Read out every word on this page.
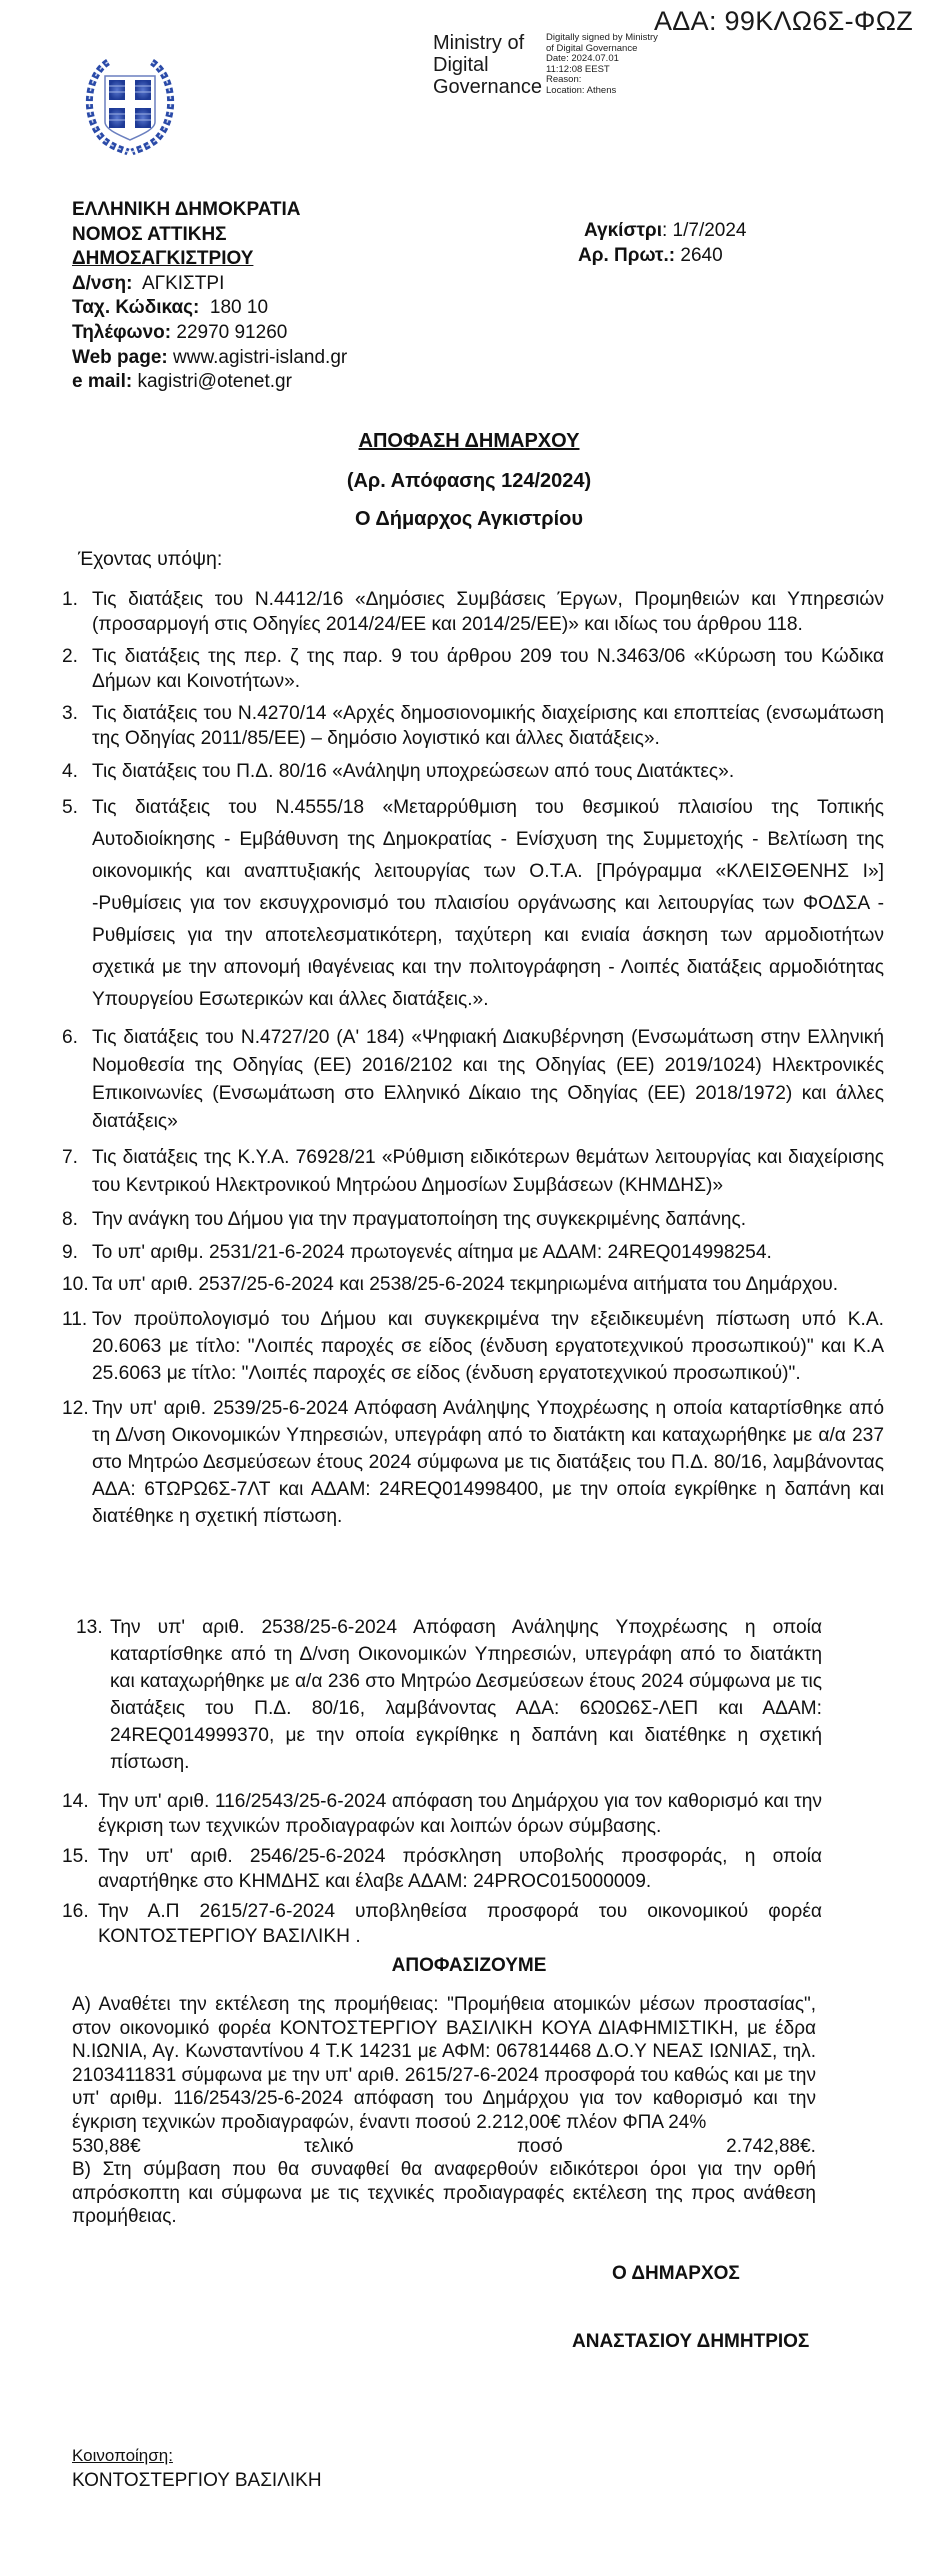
ΑΔΑ: 99ΚΛΩ6Σ-ΦΩΖ
Ministry of
Digital
Governance
Digitally signed by Ministry
of Digital Governance
Date: 2024.07.01
11:12:08 EEST
Reason:
Location: Athens
ΕΛΛΗΝΙΚΗ ΔΗΜΟΚΡΑΤΙΑ
ΝΟΜΟΣ ΑΤΤΙΚΗΣ
ΔΗΜΟΣΑΓΚΙΣΤΡΙΟΥ
Δ/νση: ΑΓΚΙΣΤΡΙ
Ταχ. Κώδικας: 180 10
Τηλέφωνο: 22970 91260
Web page: www.agistri-island.gr
e mail: kagistri@otenet.gr
Αγκίστρι: 1/7/2024
Αρ. Πρωτ.: 2640
ΑΠΟΦΑΣΗ ΔΗΜΑΡΧΟΥ
(Αρ. Απόφασης 124/2024)
Ο Δήμαρχος Αγκιστρίου
Έχοντας υπόψη:
1. Τις διατάξεις του Ν.4412/16 «Δημόσιες Συμβάσεις Έργων, Προμηθειών και Υπηρεσιών (προσαρμογή στις Οδηγίες 2014/24/ΕΕ και 2014/25/ΕΕ)» και ιδίως του άρθρου 118.
2. Τις διατάξεις της περ. ζ της παρ. 9 του άρθρου 209 του Ν.3463/06 «Κύρωση του Κώδικα Δήμων και Κοινοτήτων».
3. Τις διατάξεις του Ν.4270/14 «Αρχές δημοσιονομικής διαχείρισης και εποπτείας (ενσωμάτωση της Οδηγίας 2011/85/ΕΕ) – δημόσιο λογιστικό και άλλες διατάξεις».
4. Τις διατάξεις του Π.Δ. 80/16 «Ανάληψη υποχρεώσεων από τους Διατάκτες».
5. Τις διατάξεις του Ν.4555/18 «Μεταρρύθμιση του θεσμικού πλαισίου της Τοπικής Αυτοδιοίκησης - Εμβάθυνση της Δημοκρατίας - Ενίσχυση της Συμμετοχής - Βελτίωση της οικονομικής και αναπτυξιακής λειτουργίας των Ο.Τ.Α. [Πρόγραμμα «ΚΛΕΙΣΘΕΝΗΣ Ι»] -Ρυθμίσεις για τον εκσυγχρονισμό του πλαισίου οργάνωσης και λειτουργίας των ΦΟΔΣΑ - Ρυθμίσεις για την αποτελεσματικότερη, ταχύτερη και ενιαία άσκηση των αρμοδιοτήτων σχετικά με την απονομή ιθαγένειας και την πολιτογράφηση - Λοιπές διατάξεις αρμοδιότητας Υπουργείου Εσωτερικών και άλλες διατάξεις.».
6. Τις διατάξεις του Ν.4727/20 (Α' 184) «Ψηφιακή Διακυβέρνηση (Ενσωμάτωση στην Ελληνική Νομοθεσία της Οδηγίας (ΕΕ) 2016/2102 και της Οδηγίας (ΕΕ) 2019/1024) Ηλεκτρονικές Επικοινωνίες (Ενσωμάτωση στο Ελληνικό Δίκαιο της Οδηγίας (ΕΕ) 2018/1972) και άλλες διατάξεις»
7. Τις διατάξεις της Κ.Υ.Α. 76928/21 «Ρύθμιση ειδικότερων θεμάτων λειτουργίας και διαχείρισης του Κεντρικού Ηλεκτρονικού Μητρώου Δημοσίων Συμβάσεων (ΚΗΜΔΗΣ)»
8. Την ανάγκη του Δήμου για την πραγματοποίηση της συγκεκριμένης δαπάνης.
9. Το υπ' αριθμ. 2531/21-6-2024 πρωτογενές αίτημα με ΑΔΑΜ: 24REQ014998254.
10. Τα υπ' αριθ. 2537/25-6-2024 και 2538/25-6-2024 τεκμηριωμένα αιτήματα του Δημάρχου.
11. Τον προϋπολογισμό του Δήμου και συγκεκριμένα την εξειδικευμένη πίστωση υπό Κ.Α. 20.6063 με τίτλο: "Λοιπές παροχές σε είδος (ένδυση εργατοτεχνικού προσωπικού)" και Κ.Α 25.6063 με τίτλο: "Λοιπές παροχές σε είδος (ένδυση εργατοτεχνικού προσωπικού)".
12. Την υπ' αριθ. 2539/25-6-2024 Απόφαση Ανάληψης Υποχρέωσης η οποία καταρτίσθηκε από τη Δ/νση Οικονομικών Υπηρεσιών, υπεγράφη από το διατάκτη και καταχωρήθηκε με α/α 237 στο Μητρώο Δεσμεύσεων έτους 2024 σύμφωνα με τις διατάξεις του Π.Δ. 80/16, λαμβάνοντας ΑΔΑ: 6ΤΩΡΩ6Σ-7ΛΤ και ΑΔΑΜ: 24REQ014998400, με την οποία εγκρίθηκε η δαπάνη και διατέθηκε η σχετική πίστωση.
13. Την υπ' αριθ. 2538/25-6-2024 Απόφαση Ανάληψης Υποχρέωσης η οποία καταρτίσθηκε από τη Δ/νση Οικονομικών Υπηρεσιών, υπεγράφη από το διατάκτη και καταχωρήθηκε με α/α 236 στο Μητρώο Δεσμεύσεων έτους 2024 σύμφωνα με τις διατάξεις του Π.Δ. 80/16, λαμβάνοντας ΑΔΑ: 6Ω0Ω6Σ-ΛΕΠ και ΑΔΑΜ: 24REQ014999370, με την οποία εγκρίθηκε η δαπάνη και διατέθηκε η σχετική πίστωση.
14. Την υπ' αριθ. 116/2543/25-6-2024 απόφαση του Δημάρχου για τον καθορισμό και την έγκριση των τεχνικών προδιαγραφών και λοιπών όρων σύμβασης.
15. Την υπ' αριθ. 2546/25-6-2024 πρόσκληση υποβολής προσφοράς, η οποία αναρτήθηκε στο ΚΗΜΔΗΣ και έλαβε ΑΔΑΜ: 24PROC015000009.
16. Την Α.Π 2615/27-6-2024 υποβληθείσα προσφορά του οικονομικού φορέα ΚΟΝΤΟΣΤΕΡΓΙΟΥ ΒΑΣΙΛΙΚΗ .
ΑΠΟΦΑΣΙΖΟΥΜΕ

Α) Αναθέτει την εκτέλεση της προμήθειας: "Προμήθεια ατομικών μέσων προστασίας", στον οικονομικό φορέα ΚΟΝΤΟΣΤΕΡΓΙΟΥ ΒΑΣΙΛΙΚΗ ΚΟΥΑ ΔΙΑΦΗΜΙΣΤΙΚΗ, με έδρα Ν.ΙΩΝΙΑ, Αγ. Κωνσταντίνου 4 Τ.Κ 14231 με ΑΦΜ: 067814468 Δ.Ο.Υ ΝΕΑΣ ΙΩΝΙΑΣ, τηλ. 2103411831 σύμφωνα με την υπ' αριθ. 2615/27-6-2024 προσφορά του καθώς και με την υπ' αριθμ. 116/2543/25-6-2024 απόφαση του Δημάρχου για τον καθορισμό και την έγκριση τεχνικών προδιαγραφών, έναντι ποσού 2.212,00€ πλέον ΦΠΑ 24%

530,88€	τελικό	ποσό	2.742,88€.

Β) Στη σύμβαση που θα συναφθεί θα αναφερθούν ειδικότεροι όροι για την ορθή απρόσκοπτη και σύμφωνα με τις τεχνικές προδιαγραφές εκτέλεση της προς ανάθεση προμήθειας.

Ο ΔΗΜΑΡΧΟΣ
ΑΝΑΣΤΑΣΙΟΥ ΔΗΜΗΤΡΙΟΣ
Κοινοποίηση:
ΚΟΝΤΟΣΤΕΡΓΙΟΥ ΒΑΣΙΛΙΚΗ
